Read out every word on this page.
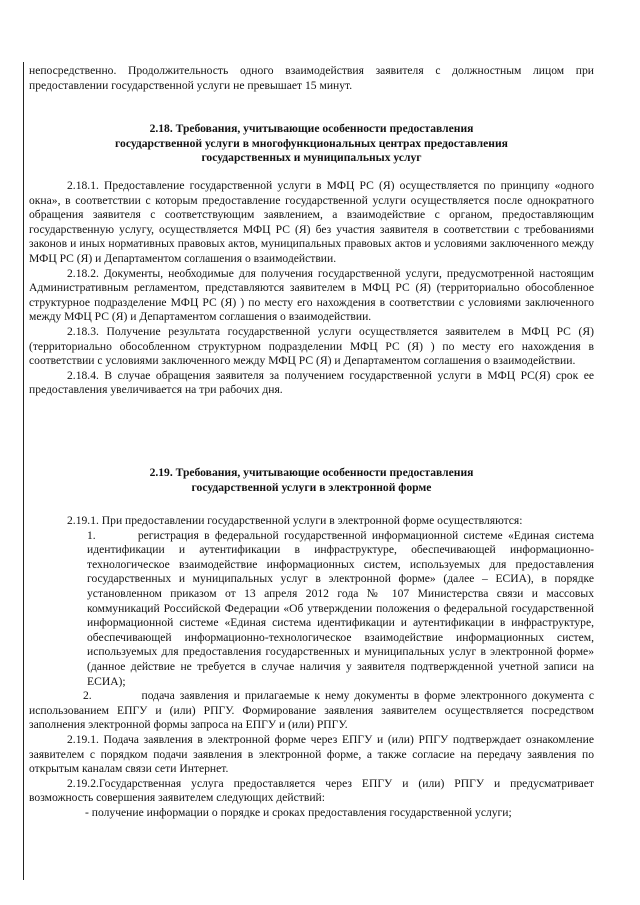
непосредственно. Продолжительность одного взаимодействия заявителя с должностным лицом при предоставлении государственной услуги не превышает 15 минут.

2.18. Требования, учитывающие особенности предоставления
государственной услуги в многофункциональных центрах предоставления
государственных и муниципальных услуг

2.18.1. Предоставление государственной услуги в МФЦ РС (Я) осуществляется по принципу «одного окна», в соответствии с которым предоставление государственной услуги осуществляется после однократного обращения заявителя с соответствующим заявлением, а взаимодействие с органом, предоставляющим государственную услугу, осуществляется МФЦ РС (Я) без участия заявителя в соответствии с требованиями законов и иных нормативных правовых актов, муниципальных правовых актов и условиями заключенного между МФЦ РС (Я) и Департаментом соглашения о взаимодействии.

2.18.2. Документы, необходимые для получения государственной услуги, предусмотренной настоящим Административным регламентом, представляются заявителем в МФЦ РС (Я) (территориально обособленное структурное подразделение МФЦ РС (Я) ) по месту его нахождения в соответствии с условиями заключенного между МФЦ РС (Я) и Департаментом соглашения о взаимодействии.

2.18.3. Получение результата государственной услуги осуществляется заявителем в МФЦ РС (Я) (территориально обособленном структурном подразделении МФЦ РС (Я) ) по месту его нахождения в соответствии с условиями заключенного между МФЦ РС (Я) и Департаментом соглашения о взаимодействии.

2.18.4. В случае обращения заявителя за получением государственной услуги в МФЦ РС(Я) срок ее предоставления увеличивается на три рабочих дня.

2.19. Требования, учитывающие особенности предоставления
государственной услуги в электронной форме

2.19.1. При предоставлении государственной услуги в электронной форме осуществляются:

1.	регистрация в федеральной государственной информационной системе «Единая система идентификации и аутентификации в инфраструктуре, обеспечивающей информационно-технологическое взаимодействие информационных систем, используемых для предоставления государственных и муниципальных услуг в электронной форме» (далее – ЕСИА), в порядке установленном приказом от 13 апреля 2012 года № 107 Министерства связи и массовых коммуникаций Российской Федерации «Об утверждении положения о федеральной государственной информационной системе «Единая система идентификации и аутентификации в инфраструктуре, обеспечивающей информационно-технологическое взаимодействие информационных систем, используемых для предоставления государственных и муниципальных услуг в электронной форме» (данное действие не требуется в случае наличия у заявителя подтвержденной учетной записи на ЕСИА);

2.	подача заявления и прилагаемые к нему документы в форме электронного документа с использованием ЕПГУ и (или) РПГУ. Формирование заявления заявителем осуществляется посредством заполнения электронной формы запроса на ЕПГУ и (или) РПГУ.

2.19.1. Подача заявления в электронной форме через ЕПГУ и (или) РПГУ подтверждает ознакомление заявителем с порядком подачи заявления в электронной форме, а также согласие на передачу заявления по открытым каналам связи сети Интернет.

2.19.2.Государственная услуга предоставляется через ЕПГУ и (или) РПГУ и предусматривает возможность совершения заявителем следующих действий:

- получение информации о порядке и сроках предоставления государственной услуги;
